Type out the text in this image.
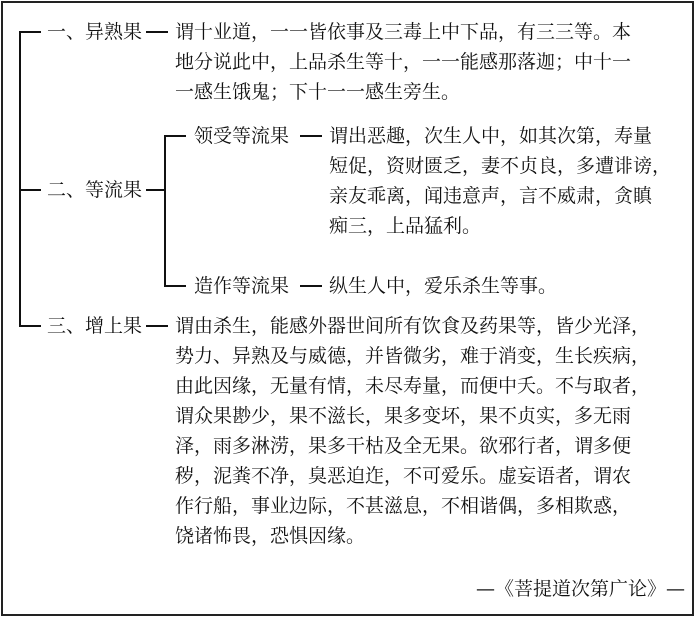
一、异熟果 谓十业道，一一皆依事及三毒上中下品，有三三等。本
地分说此中，上品杀生等十，一一能感那落迦；中十一
一感生饿鬼；下十一一感生旁生。
二、等流果
领受等流果 谓出恶趣，次生人中，如其次第，寿量
短促，资财匮乏，妻不贞良，多遭诽谤，
亲友乖离，闻违意声，言不威肃，贪瞋
痴三，上品猛利。
造作等流果 纵生人中，爱乐杀生等事。
三、增上果 谓由杀生，能感外器世间所有饮食及药果等，皆少光泽，
势力、异熟及与威德，并皆微劣，难于消变，生长疾病，
由此因缘，无量有情，未尽寿量，而便中夭。不与取者，
谓众果尠少，果不滋长，果多变坏，果不贞实，多无雨
泽，雨多淋涝，果多干枯及全无果。欲邪行者，谓多便
秽，泥粪不净，臭恶迫迮，不可爱乐。虚妄语者，谓农
作行船，事业边际，不甚滋息，不相谐偶，多相欺惑，
饶诸怖畏，恐惧因缘。
—《菩提道次第广论》—
